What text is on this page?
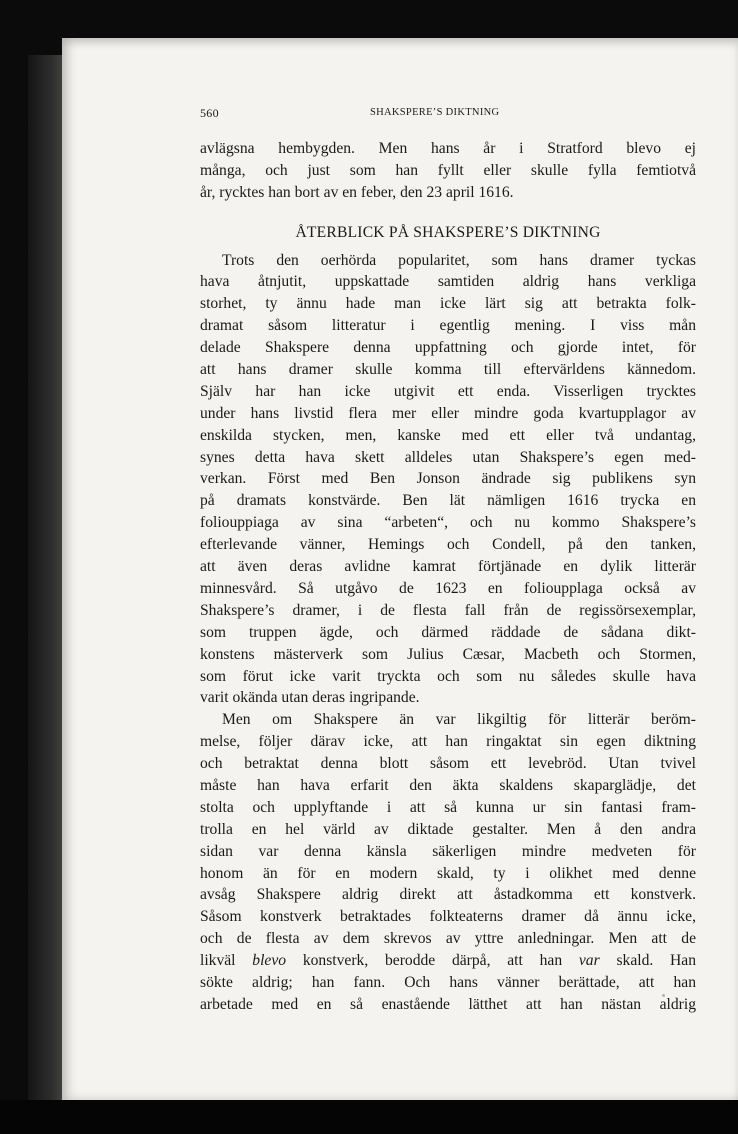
560	SHAKSPERE’S DIKTNING
avlägsna hembygden. Men hans år i Stratford blevo ej
många, och just som han fyllt eller skulle fylla femtiotvå
år, rycktes han bort av en feber, den 23 april 1616.
ÅTERBLICK PÅ SHAKSPERE’S DIKTNING
Trots den oerhörda popularitet, som hans dramer tyckas
hava åtnjutit, uppskattade samtiden aldrig hans verkliga
storhet, ty ännu hade man icke lärt sig att betrakta folk-
dramat såsom litteratur i egentlig mening. I viss mån
delade Shakspere denna uppfattning och gjorde intet, för
att hans dramer skulle komma till eftervärldens kännedom.
Själv har han icke utgivit ett enda. Visserligen trycktes
under hans livstid flera mer eller mindre goda kvartupplagor av
enskilda stycken, men, kanske med ett eller två undantag,
synes detta hava skett alldeles utan Shakspere’s egen med-
verkan. Först med Ben Jonson ändrade sig publikens syn
på dramats konstvärde. Ben lät nämligen 1616 trycka en
foliouppiaga av sina “arbeten“, och nu kommo Shakspere’s
efterlevande vänner, Hemings och Condell, på den tanken,
att även deras avlidne kamrat förtjänade en dylik litterär
minnesvård. Så utgåvo de 1623 en folioupplaga också av
Shakspere’s dramer, i de flesta fall från de regissörsexemplar,
som truppen ägde, och därmed räddade de sådana dikt-
konstens mästerverk som Julius Cæsar, Macbeth och Stormen,
som förut icke varit tryckta och som nu således skulle hava
varit okända utan deras ingripande.
Men om Shakspere än var likgiltig för litterär beröm-
melse, följer därav icke, att han ringaktat sin egen diktning
och betraktat denna blott såsom ett levebröd. Utan tvivel
måste han hava erfarit den äkta skaldens skaparglädje, det
stolta och upplyftande i att så kunna ur sin fantasi fram-
trolla en hel värld av diktade gestalter. Men å den andra
sidan var denna känsla säkerligen mindre medveten för
honom än för en modern skald, ty i olikhet med denne
avsåg Shakspere aldrig direkt att åstadkomma ett konstverk.
Såsom konstverk betraktades folkteaterns dramer då ännu icke,
och de flesta av dem skrevos av yttre anledningar. Men att de
likväl blevo konstverk, berodde därpå, att han var skald. Han
sökte aldrig; han fann. Och hans vänner berättade, att han
arbetade med en så enastående lätthet att han nästan aldrig
